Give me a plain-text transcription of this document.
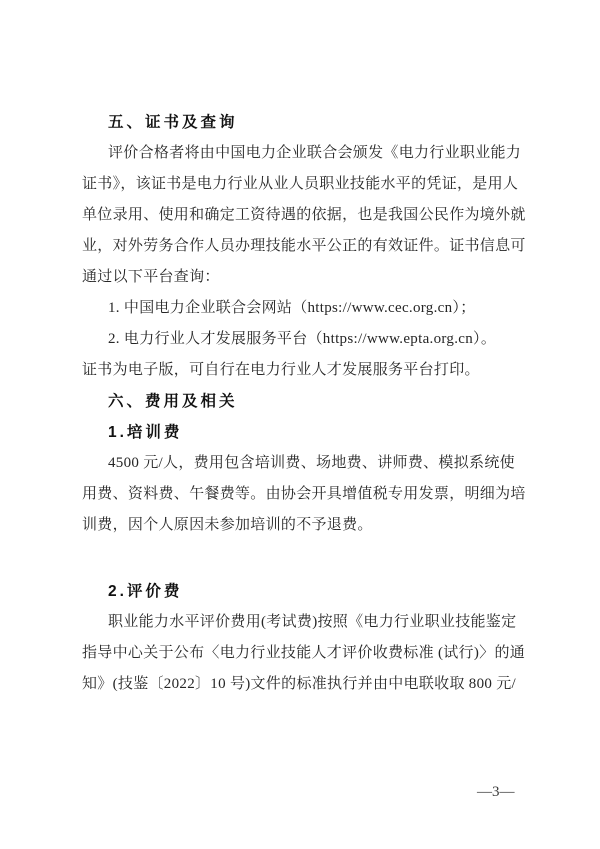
五、证书及查询
评价合格者将由中国电力企业联合会颁发《电力行业职业能力
证书》，该证书是电力行业从业人员职业技能水平的凭证，是用人
单位录用、使用和确定工资待遇的依据，也是我国公民作为境外就
业，对外劳务合作人员办理技能水平公正的有效证件。证书信息可
通过以下平台查询：
1. 中国电力企业联合会网站（https://www.cec.org.cn）；
2. 电力行业人才发展服务平台（https://www.epta.org.cn）。
证书为电子版，可自行在电力行业人才发展服务平台打印。
六、费用及相关
1.培训费
4500 元/人，费用包含培训费、场地费、讲师费、模拟系统使
用费、资料费、午餐费等。由协会开具增值税专用发票，明细为培
训费，因个人原因未参加培训的不予退费。
2.评价费
职业能力水平评价费用(考试费)按照《电力行业职业技能鉴定
指导中心关于公布〈电力行业技能人才评价收费标准 (试行)〉的通
知》(技鉴〔2022〕10 号)文件的标准执行并由中电联收取 800 元/
—3—
